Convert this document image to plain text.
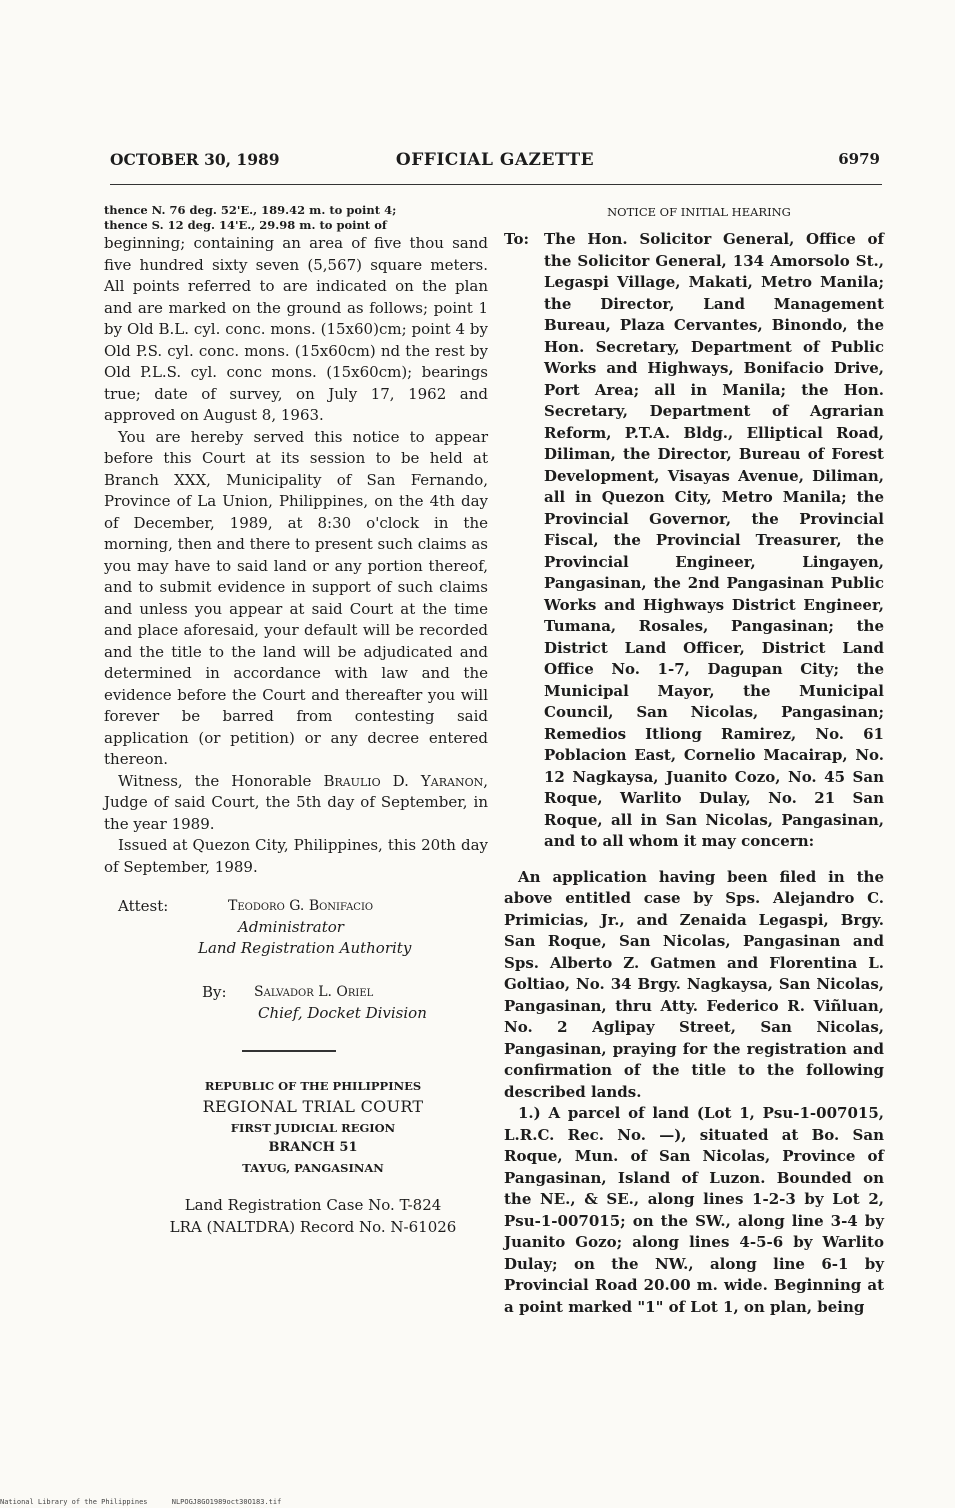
OCTOBER 30, 1989	OFFICIAL GAZETTE	6979

thence N. 76 deg. 52'E., 189.42 m. to point 4;

thence S. 12 deg. 14'E., 29.98 m. to point of

beginning; containing an area of five thou sand five hundred sixty seven (5,567) square meters. All points referred to are indicated on the plan and are marked on the ground as follows; point 1 by Old B.L. cyl. conc. mons. (15x60)cm; point 4 by Old P.S. cyl. conc. mons. (15x60cm) nd the rest by Old P.L.S. cyl. conc mons. (15x60cm); bearings true; date of survey, on July 17, 1962 and approved on August 8, 1963.

You are hereby served this notice to appear before this Court at its session to be held at Branch XXX, Municipality of San Fernando, Province of La Union, Philippines, on the 4th day of December, 1989, at 8:30 o'clock in the morning, then and there to present such claims as you may have to said land or any portion thereof, and to submit evidence in support of such claims and unless you appear at said Court at the time and place aforesaid, your default will be recorded and the title to the land will be adjudicated and determined in accordance with law and the evidence before the Court and thereafter you will forever be barred from contesting said application (or petition) or any decree entered thereon.

Witness, the Honorable Braulio D. Yaranon, Judge of said Court, the 5th day of September, in the year 1989.

Issued at Quezon City, Philippines, this 20th day of September, 1989.

Attest:	Teodoro G. Bonifacio
Administrator
Land Registration Authority
By: Salvador L. Oriel
Chief, Docket Division
REPUBLIC OF THE PHILIPPINES
REGIONAL TRIAL COURT
FIRST JUDICIAL REGION
BRANCH 51
TAYUG, PANGASINAN
Land Registration Case No. T-824
LRA (NALTDRA) Record No. N-61026
NOTICE OF INITIAL HEARING
To: The Hon. Solicitor General, Office of the Solicitor General, 134 Amorsolo St., Legaspi Village, Makati, Metro Manila; the Director, Land Management Bureau, Plaza Cervantes, Binondo, the Hon. Secretary, Department of Public Works and Highways, Bonifacio Drive, Port Area; all in Manila; the Hon. Secretary, Department of Agrarian Reform, P.T.A. Bldg., Elliptical Road, Diliman, the Director, Bureau of Forest Development, Visayas Avenue, Diliman, all in Quezon City, Metro Manila; the Provincial Governor, the Provincial Fiscal, the Provincial Treasurer, the Provincial Engineer, Lingayen, Pangasinan, the 2nd Pangasinan Public Works and Highways District Engineer, Tumana, Rosales, Pangasinan; the District Land Officer, District Land Office No. 1-7, Dagupan City; the Municipal Mayor, the Municipal Council, San Nicolas, Pangasinan; Remedios Itliong Ramirez, No. 61 Poblacion East, Cornelio Macairap, No. 12 Nagkaysa, Juanito Cozo, No. 45 San Roque, Warlito Dulay, No. 21 San Roque, all in San Nicolas, Pangasinan, and to all whom it may concern:

An application having been filed in the above entitled case by Sps. Alejandro C. Primicias, Jr., and Zenaida Legaspi, Brgy. San Roque, San Nicolas, Pangasinan and Sps. Alberto Z. Gatmen and Florentina L. Goltiao, No. 34 Brgy. Nagkaysa, San Nicolas, Pangasinan, thru Atty. Federico R. Viñluan, No. 2 Aglipay Street, San Nicolas, Pangasinan, praying for the registration and confirmation of the title to the following described lands.

1.) A parcel of land (Lot 1, Psu-1-007015, L.R.C. Rec. No. —), situated at Bo. San Roque, Mun. of San Nicolas, Province of Pangasinan, Island of Luzon. Bounded on the NE., & SE., along lines 1-2-3 by Lot 2, Psu-1-007015; on the SW., along line 3-4 by Juanito Gozo; along lines 4-5-6 by Warlito Dulay; on the NW., along line 6-1 by Provincial Road 20.00 m. wide. Beginning at a point marked "1" of Lot 1, on plan, being

National Library of the Philippines	NLPOGJ8GO1989oct30O183.tif
